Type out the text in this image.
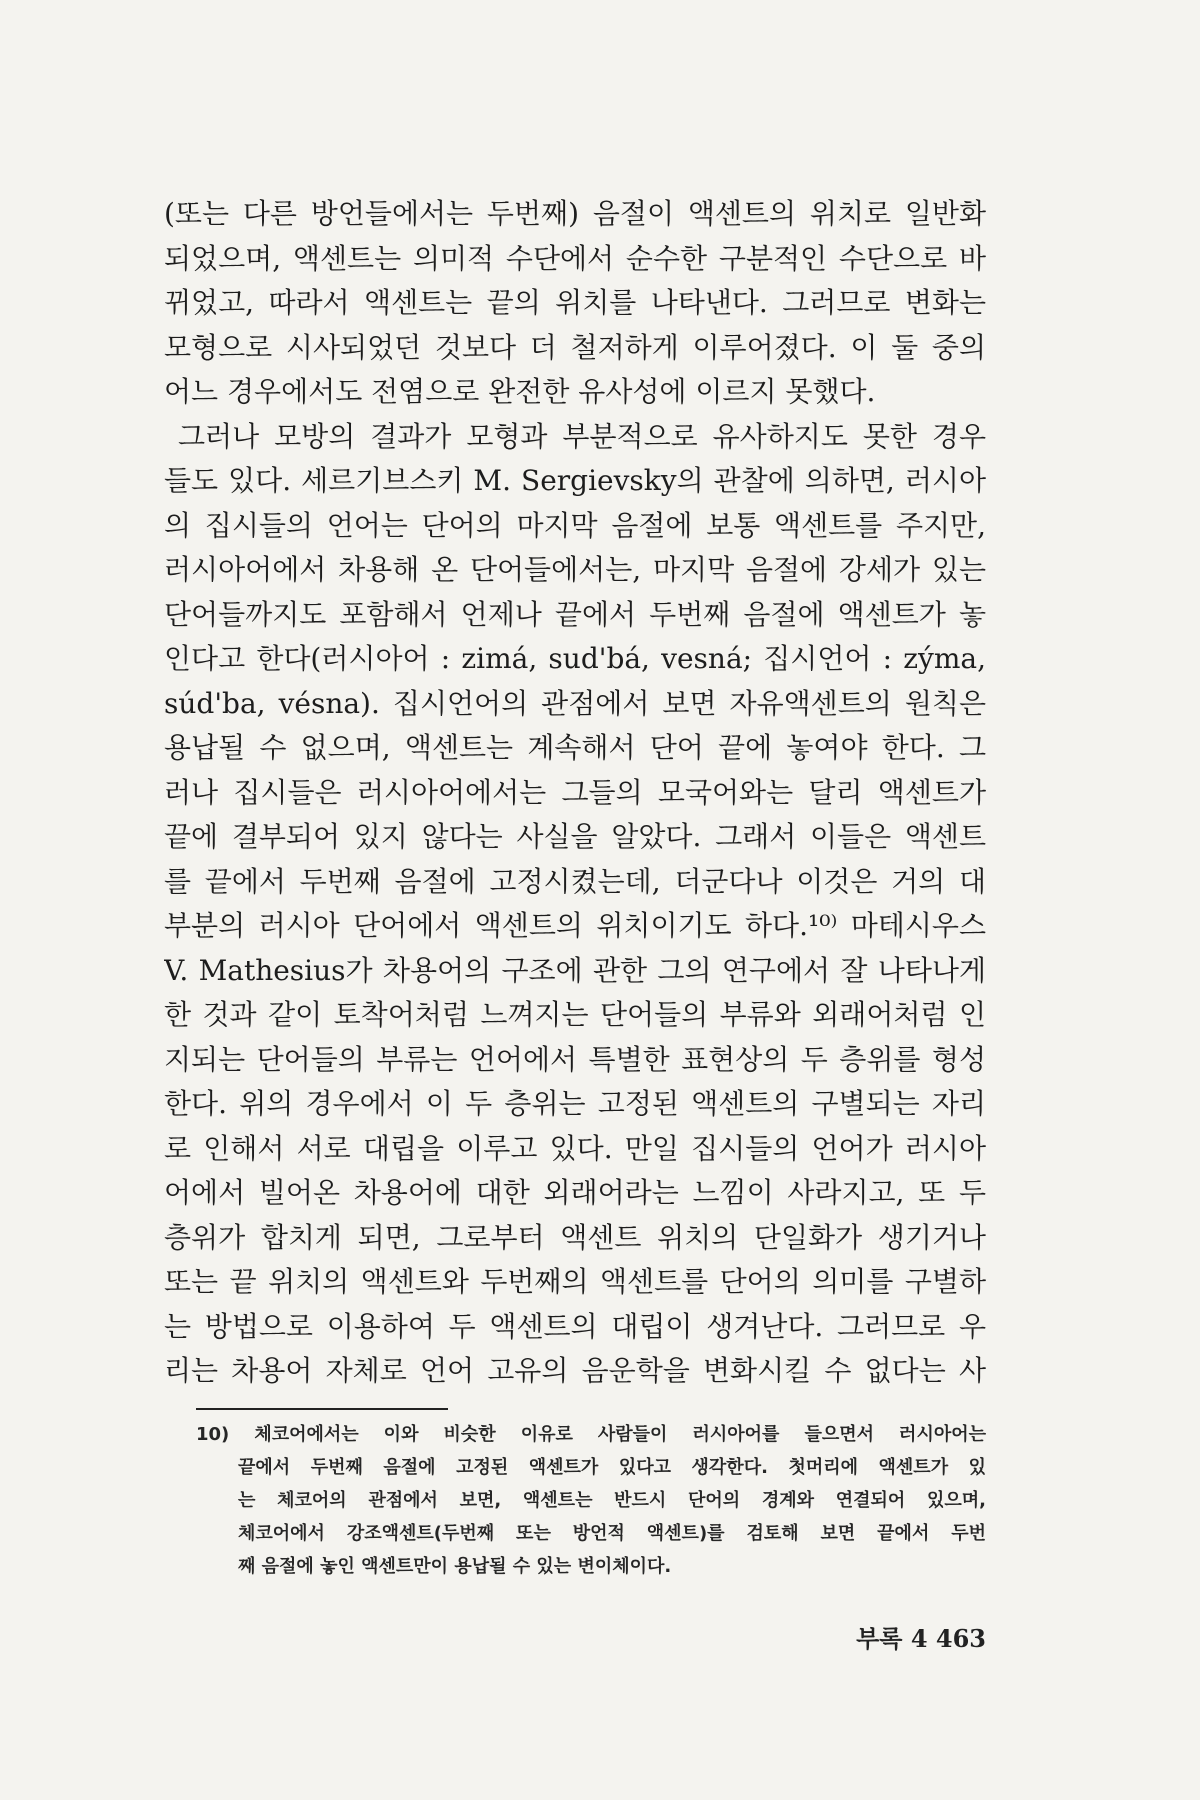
(또는 다른 방언들에서는 두번째) 음절이 액센트의 위치로 일반화
되었으며, 액센트는 의미적 수단에서 순수한 구분적인 수단으로 바
뀌었고, 따라서 액센트는 끝의 위치를 나타낸다. 그러므로 변화는
모형으로 시사되었던 것보다 더 철저하게 이루어졌다. 이 둘 중의
어느 경우에서도 전염으로 완전한 유사성에 이르지 못했다.
그러나 모방의 결과가 모형과 부분적으로 유사하지도 못한 경우
들도 있다. 세르기브스키 M. Sergievsky의 관찰에 의하면, 러시아
의 집시들의 언어는 단어의 마지막 음절에 보통 액센트를 주지만,
러시아어에서 차용해 온 단어들에서는, 마지막 음절에 강세가 있는
단어들까지도 포함해서 언제나 끝에서 두번째 음절에 액센트가 놓
인다고 한다(러시아어 : zimá, sud'bá, vesná; 집시언어 : zýma,
súd'ba, vésna). 집시언어의 관점에서 보면 자유액센트의 원칙은
용납될 수 없으며, 액센트는 계속해서 단어 끝에 놓여야 한다. 그
러나 집시들은 러시아어에서는 그들의 모국어와는 달리 액센트가
끝에 결부되어 있지 않다는 사실을 알았다. 그래서 이들은 액센트
를 끝에서 두번째 음절에 고정시켰는데, 더군다나 이것은 거의 대
부분의 러시아 단어에서 액센트의 위치이기도 하다.¹⁰⁾ 마테시우스
V. Mathesius가 차용어의 구조에 관한 그의 연구에서 잘 나타나게
한 것과 같이 토착어처럼 느껴지는 단어들의 부류와 외래어처럼 인
지되는 단어들의 부류는 언어에서 특별한 표현상의 두 층위를 형성
한다. 위의 경우에서 이 두 층위는 고정된 액센트의 구별되는 자리
로 인해서 서로 대립을 이루고 있다. 만일 집시들의 언어가 러시아
어에서 빌어온 차용어에 대한 외래어라는 느낌이 사라지고, 또 두
층위가 합치게 되면, 그로부터 액센트 위치의 단일화가 생기거나
또는 끝 위치의 액센트와 두번째의 액센트를 단어의 의미를 구별하
는 방법으로 이용하여 두 액센트의 대립이 생겨난다. 그러므로 우
리는 차용어 자체로 언어 고유의 음운학을 변화시킬 수 없다는 사
10) 체코어에서는 이와 비슷한 이유로 사람들이 러시아어를 들으면서 러시아어는
끝에서 두번째 음절에 고정된 액센트가 있다고 생각한다. 첫머리에 액센트가 있
는 체코어의 관점에서 보면, 액센트는 반드시 단어의 경계와 연결되어 있으며,
체코어에서 강조액센트(두번째 또는 방언적 액센트)를 검토해 보면 끝에서 두번
째 음절에 놓인 액센트만이 용납될 수 있는 변이체이다.
부록 4 463
